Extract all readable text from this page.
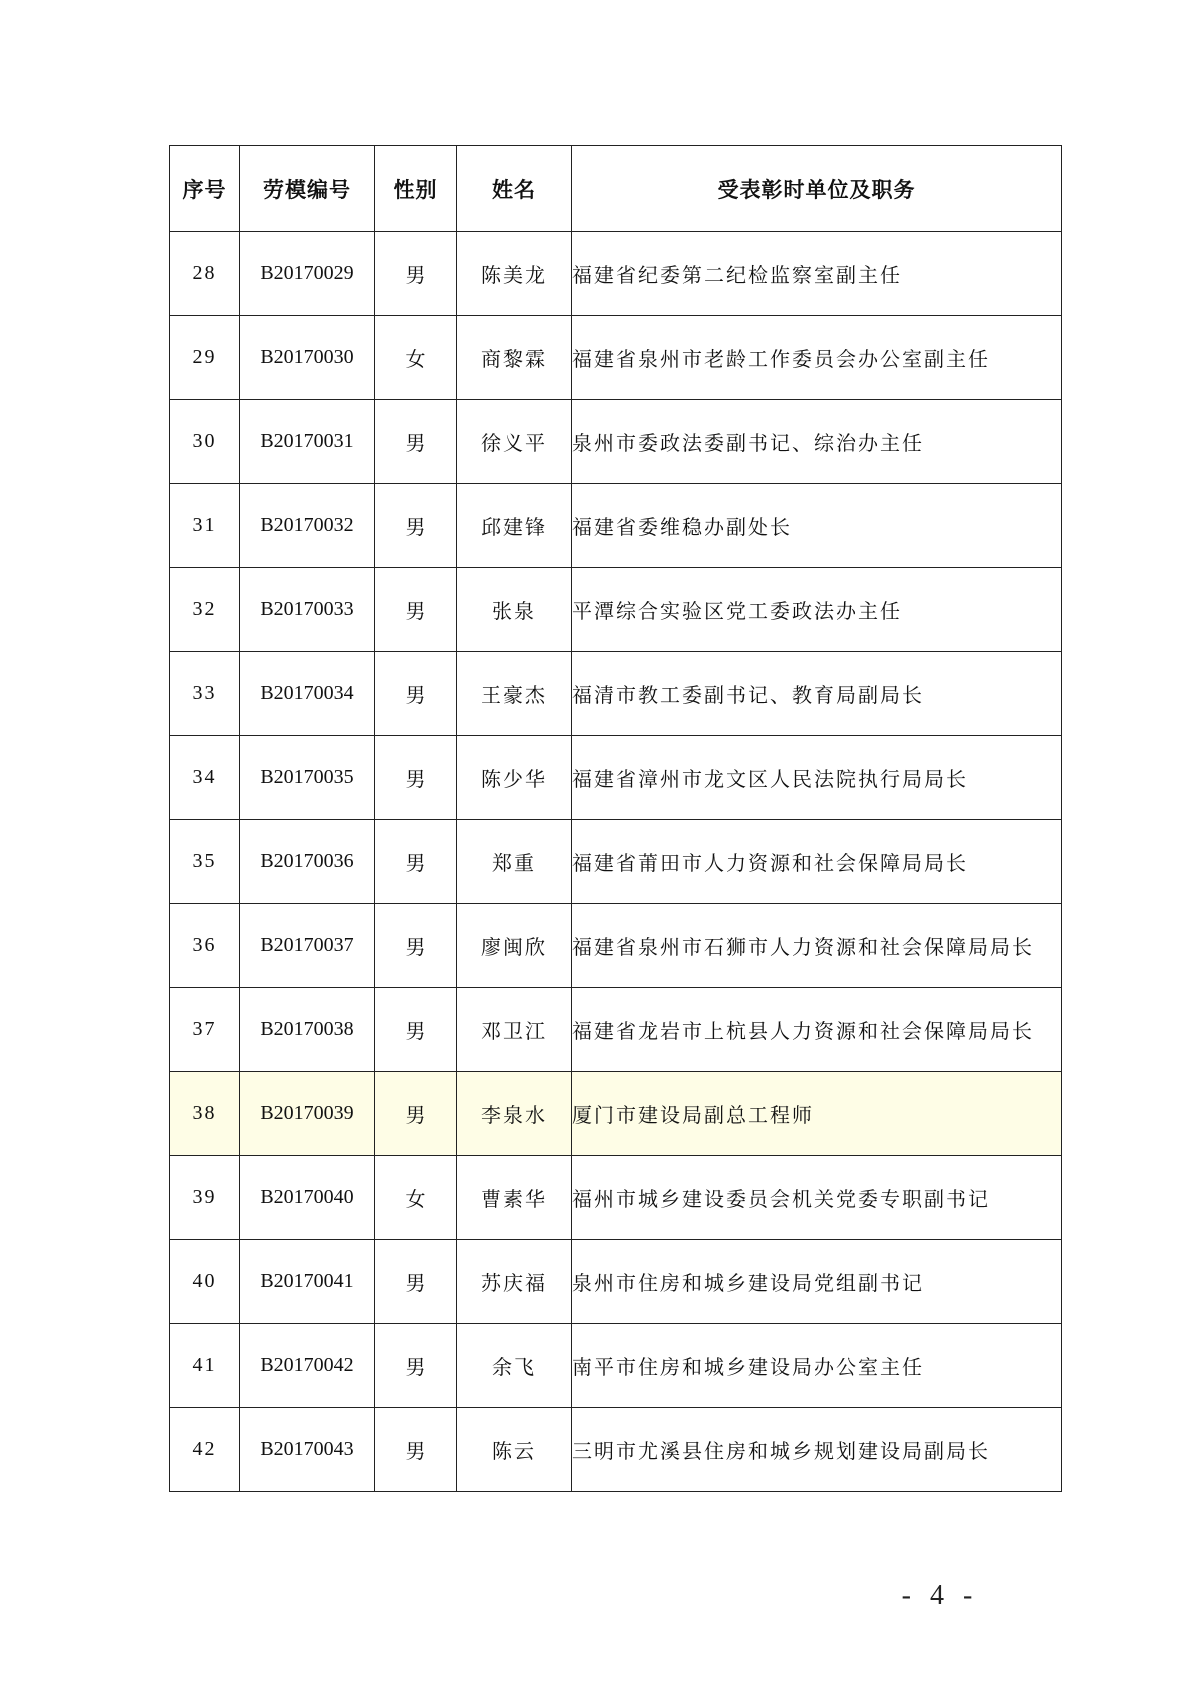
序号	劳模编号	性别	姓名	受表彰时单位及职务
28	B20170029	男	陈美龙	福建省纪委第二纪检监察室副主任
29	B20170030	女	商黎霖	福建省泉州市老龄工作委员会办公室副主任
30	B20170031	男	徐义平	泉州市委政法委副书记、综治办主任
31	B20170032	男	邱建锋	福建省委维稳办副处长
32	B20170033	男	张泉	平潭综合实验区党工委政法办主任
33	B20170034	男	王豪杰	福清市教工委副书记、教育局副局长
34	B20170035	男	陈少华	福建省漳州市龙文区人民法院执行局局长
35	B20170036	男	郑重	福建省莆田市人力资源和社会保障局局长
36	B20170037	男	廖闽欣	福建省泉州市石狮市人力资源和社会保障局局长
37	B20170038	男	邓卫江	福建省龙岩市上杭县人力资源和社会保障局局长
38	B20170039	男	李泉水	厦门市建设局副总工程师
39	B20170040	女	曹素华	福州市城乡建设委员会机关党委专职副书记
40	B20170041	男	苏庆福	泉州市住房和城乡建设局党组副书记
41	B20170042	男	余飞	南平市住房和城乡建设局办公室主任
42	B20170043	男	陈云	三明市尤溪县住房和城乡规划建设局副局长
- 4 -
